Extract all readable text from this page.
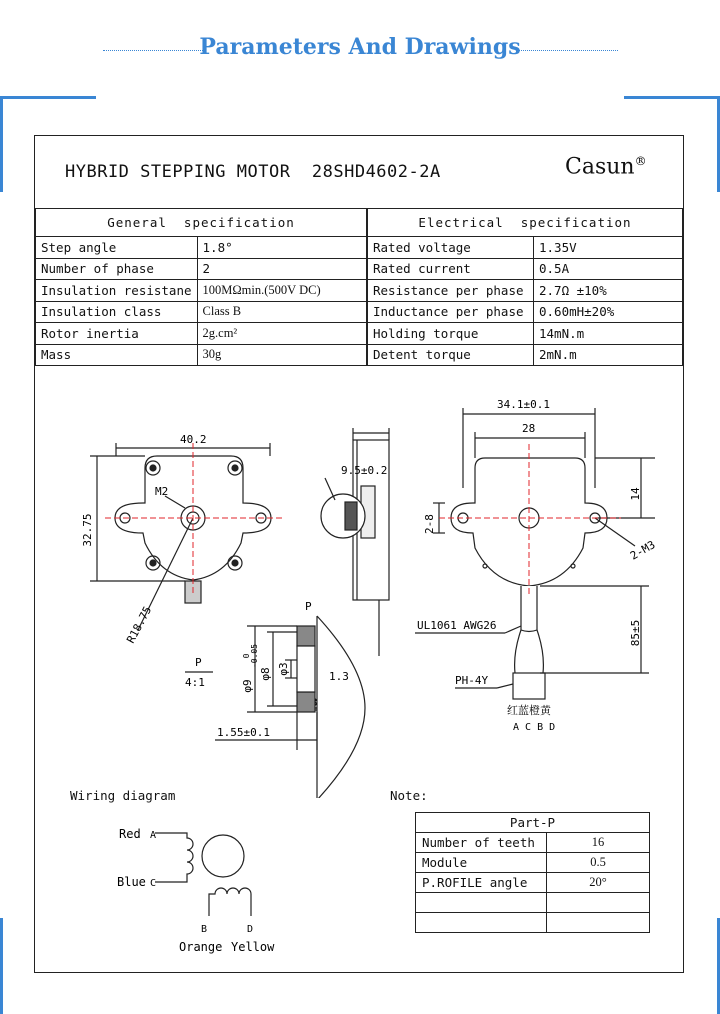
Parameters And Drawings
HYBRID STEPPING MOTOR  28SHD4602-2A	Casun®
General  specification	
Step angle	1.8°
Number of phase	2
Insulation resistane	100MΩmin.(500V DC)
Insulation class	Class B
Rotor inertia	2g.cm²
Mass	30g
Electrical  specification	
Rated voltage	1.35V
Rated current	0.5A
Resistance per phase	2.7Ω ±10%
Inductance per phase	0.60mH±20%
Holding torque	14mN.m
Detent torque	2mN.m
40.2
32.75
M2
R18.75
9.5±0.2
P
34.1±0.1
28
14
2-8
2-M3
UL1061 AWG26	85±5
PH-4Y
红蓝橙黄
A C B D
P
4:1	φ9
0 -0.05
φ8 φ3
1.3
1.55±0.1
Wiring diagram
Red A
Blue C
B	D
Orange Yellow
Note:
Part-P	
Number of teeth	16
Module	0.5
P.ROFILE angle	20°
